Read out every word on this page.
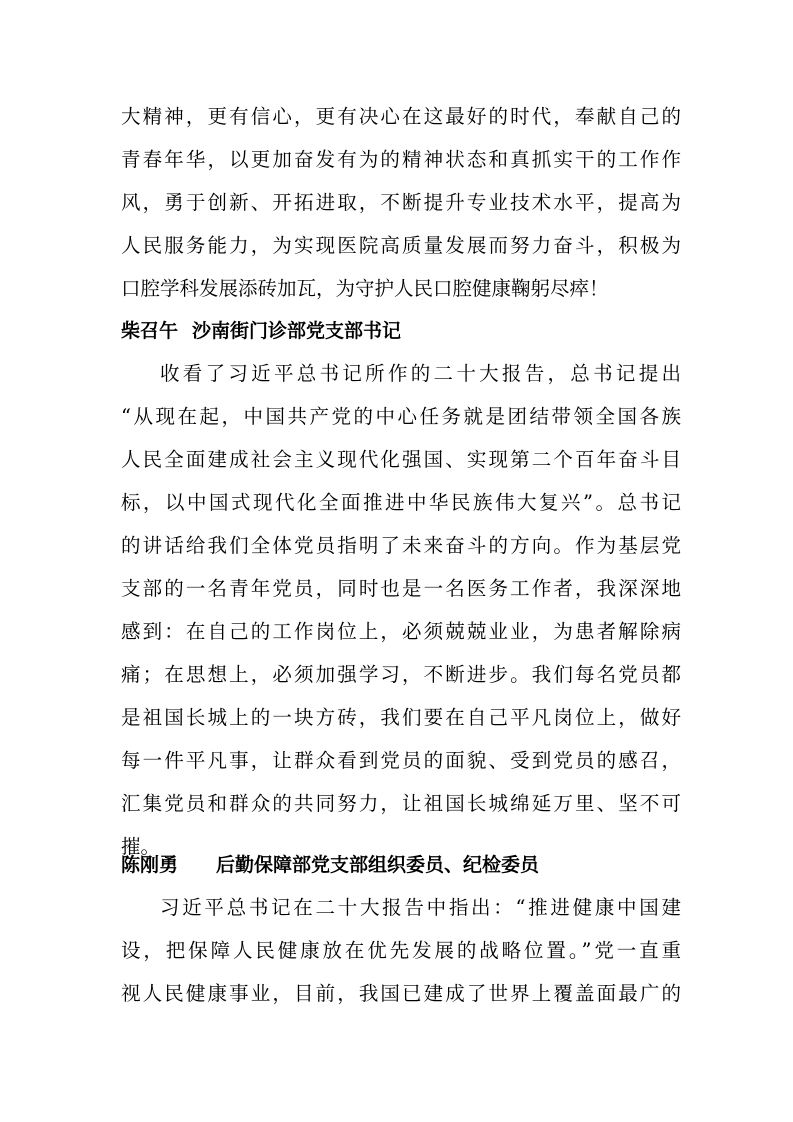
大精神，更有信心，更有决心在这最好的时代，奉献自己的
青春年华，以更加奋发有为的精神状态和真抓实干的工作作
风，勇于创新、开拓进取，不断提升专业技术水平，提高为
人民服务能力，为实现医院高质量发展而努力奋斗，积极为
口腔学科发展添砖加瓦，为守护人民口腔健康鞠躬尽瘁！
柴召午 沙南街门诊部党支部书记
收看了习近平总书记所作的二十大报告，总书记提出
“从现在起，中国共产党的中心任务就是团结带领全国各族
人民全面建成社会主义现代化强国、实现第二个百年奋斗目
标，以中国式现代化全面推进中华民族伟大复兴”。总书记
的讲话给我们全体党员指明了未来奋斗的方向。作为基层党
支部的一名青年党员，同时也是一名医务工作者，我深深地
感到：在自己的工作岗位上，必须兢兢业业，为患者解除病
痛；在思想上，必须加强学习，不断进步。我们每名党员都
是祖国长城上的一块方砖，我们要在自己平凡岗位上，做好
每一件平凡事，让群众看到党员的面貌、受到党员的感召，
汇集党员和群众的共同努力，让祖国长城绵延万里、坚不可
摧。
陈刚勇 后勤保障部党支部组织委员、纪检委员
习近平总书记在二十大报告中指出：“推进健康中国建
设，把保障人民健康放在优先发展的战略位置。”党一直重
视人民健康事业，目前，我国已建成了世界上覆盖面最广的
